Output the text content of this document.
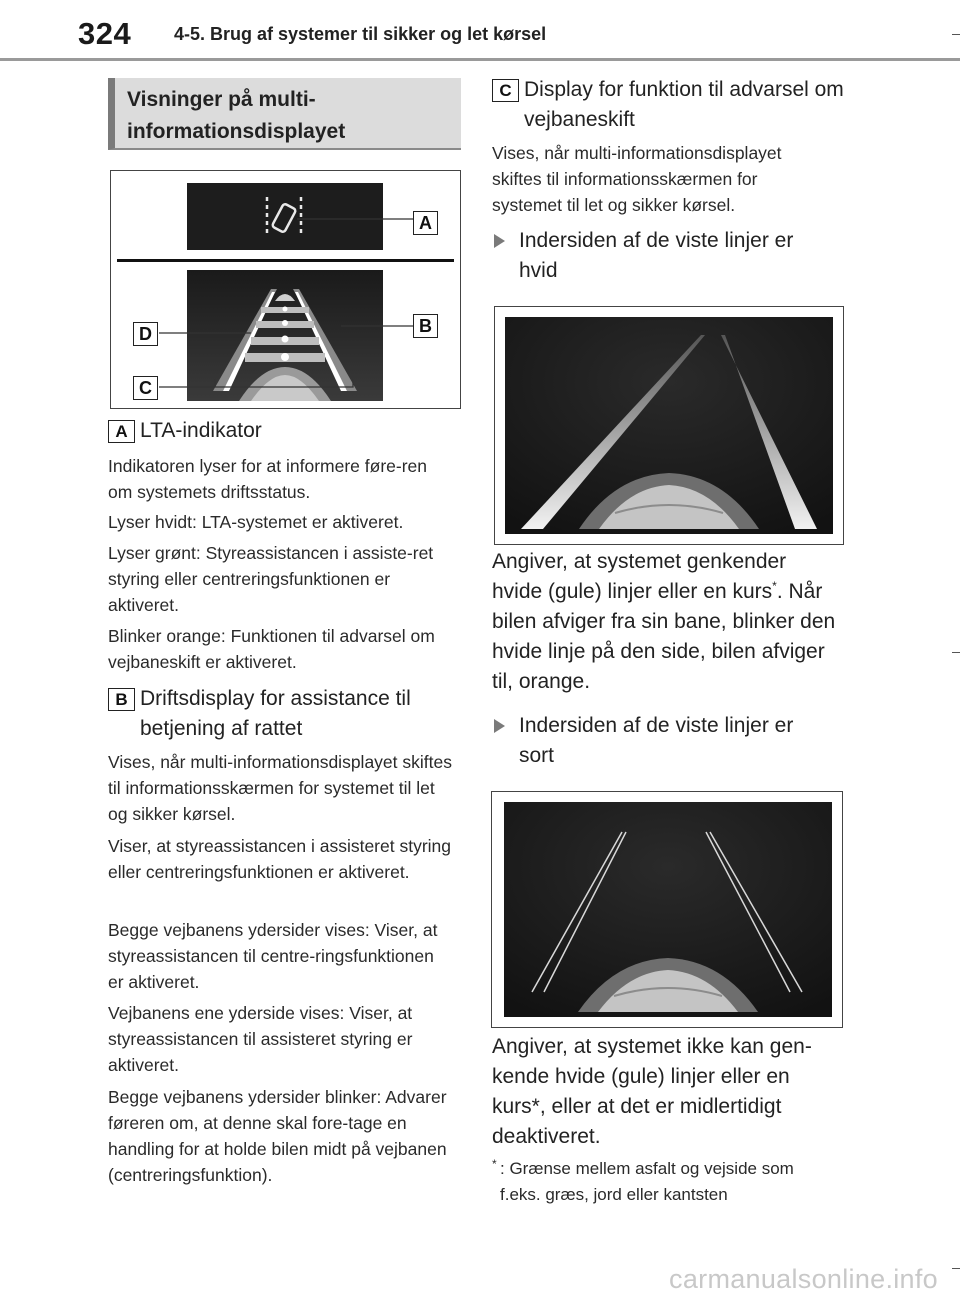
324 4-5. Brug af systemer til sikker og let kørsel
Visninger på multi-informationsdisplayet
A
B
D
C
A LTA-indikator

Indikatoren lyser for at informere føre-ren om systemets driftsstatus.

Lyser hvidt: LTA-systemet er aktiveret.

Lyser grønt: Styreassistancen i assiste-ret styring eller centreringsfunktionen er aktiveret.

Blinker orange: Funktionen til advarsel om vejbaneskift er aktiveret.

B Driftsdisplay for assistance til betjening af rattet

Vises, når multi-informationsdisplayet skiftes til informationsskærmen for systemet til let og sikker kørsel.

Viser, at styreassistancen i assisteret styring eller centreringsfunktionen er aktiveret.

Begge vejbanens ydersider vises: Viser, at styreassistancen til centre-ringsfunktionen er aktiveret.

Vejbanens ene yderside vises: Viser, at styreassistancen til assisteret styring er aktiveret.

Begge vejbanens ydersider blinker: Advarer føreren om, at denne skal fore-tage en handling for at holde bilen midt på vejbanen (centreringsfunktion).

C Display for funktion til advarsel om vejbaneskift

Vises, når multi-informationsdisplayet skiftes til informationsskærmen for systemet til let og sikker kørsel.

Indersiden af de viste linjer er hvid

Angiver, at systemet genkender hvide (gule) linjer eller en kurs*. Når bilen afviger fra sin bane, blinker den hvide linje på den side, bilen afviger til, orange.

Indersiden af de viste linjer er sort

Angiver, at systemet ikke kan gen-kende hvide (gule) linjer eller en kurs*, eller at det er midlertidigt deaktiveret.

* : Grænse mellem asfalt og vejside som f.eks. græs, jord eller kantsten
carmanualsonline.info
